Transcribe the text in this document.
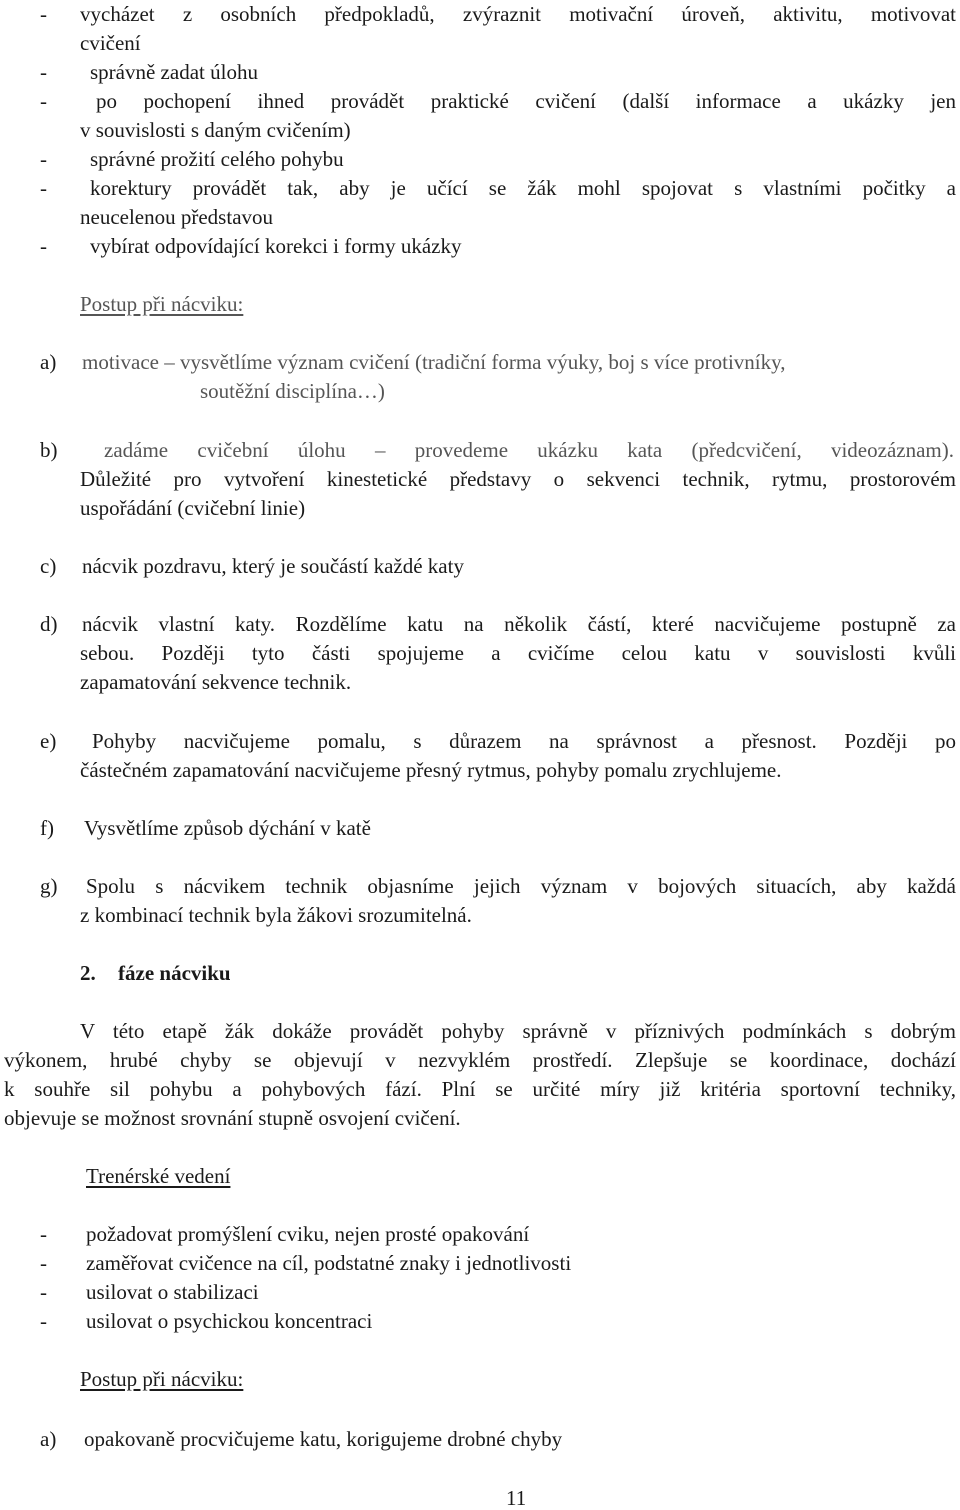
- vycházet z osobních předpokladů, zvýraznit motivační úroveň, aktivitu, motivovat
cvičení
- správně zadat úlohu
- po pochopení ihned provádět praktické cvičení (další informace a ukázky jen
v souvislosti s daným cvičením)
- správné prožití celého pohybu
- korektury provádět tak, aby je učící se žák mohl spojovat s vlastními počitky a
neucelenou představou
- vybírat odpovídající korekci i formy ukázky
Postup při nácviku:
a) motivace – vysvětlíme význam cvičení (tradiční forma výuky, boj s více protivníky,
soutěžní disciplína…)
b) zadáme cvičební úlohu – provedeme ukázku kata (předcvičení, videozáznam).
Důležité pro vytvoření kinestetické představy o sekvenci technik, rytmu, prostorovém
uspořádání (cvičební linie)
c) nácvik pozdravu, který je součástí každé katy
d) nácvik vlastní katy. Rozdělíme katu na několik částí, které nacvičujeme postupně za
sebou. Později tyto části spojujeme a cvičíme celou katu v souvislosti kvůli
zapamatování sekvence technik.
e) Pohyby nacvičujeme pomalu, s důrazem na správnost a přesnost. Později po
částečném zapamatování nacvičujeme přesný rytmus, pohyby pomalu zrychlujeme.
f) Vysvětlíme způsob dýchání v katě
g) Spolu s nácvikem technik objasníme jejich význam v bojových situacích, aby každá
z kombinací technik byla žákovi srozumitelná.
2. fáze nácviku
V této etapě žák dokáže provádět pohyby správně v příznivých podmínkách s dobrým
výkonem, hrubé chyby se objevují v nezvyklém prostředí. Zlepšuje se koordinace, dochází
k souhře sil pohybu a pohybových fází. Plní se určité míry již kritéria sportovní techniky,
objevuje se možnost srovnání stupně osvojení cvičení.
Trenérské vedení
- požadovat promýšlení cviku, nejen prosté opakování
- zaměřovat cvičence na cíl, podstatné znaky i jednotlivosti
- usilovat o stabilizaci
- usilovat o psychickou koncentraci
Postup při nácviku:
a) opakovaně procvičujeme katu, korigujeme drobné chyby
11
